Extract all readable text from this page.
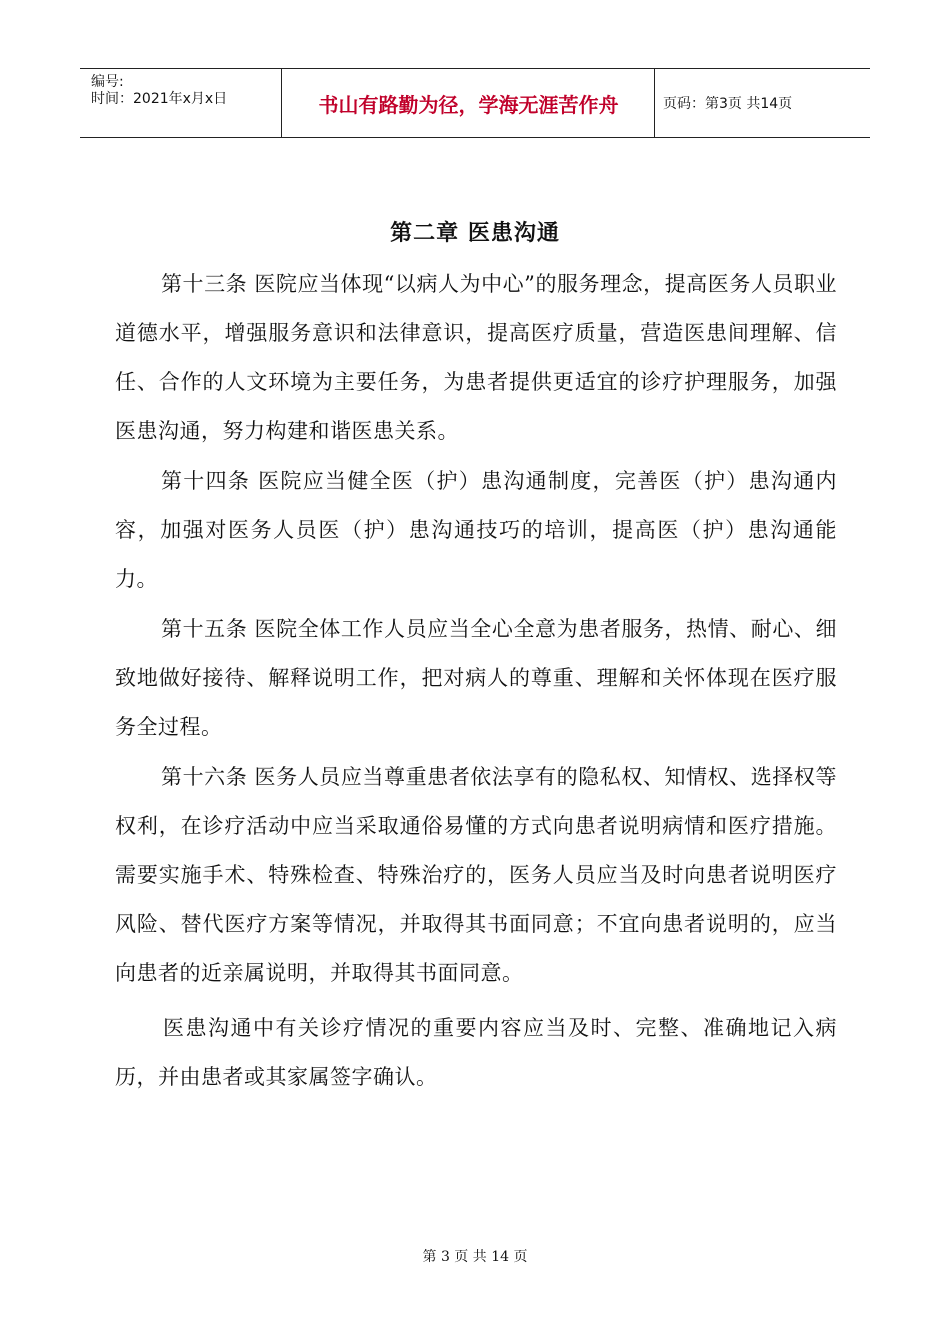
编号:
时间：2021年x月x日	书山有路勤为径，学海无涯苦作舟	页码：第3页 共14页
第二章 医患沟通

第十三条 医院应当体现“以病人为中心”的服务理念，提高医务人员职业道德水平，增强服务意识和法律意识，提高医疗质量，营造医患间理解、信任、合作的人文环境为主要任务，为患者提供更适宜的诊疗护理服务，加强医患沟通，努力构建和谐医患关系。

第十四条 医院应当健全医（护）患沟通制度，完善医（护）患沟通内容，加强对医务人员医（护）患沟通技巧的培训，提高医（护）患沟通能力。

第十五条 医院全体工作人员应当全心全意为患者服务，热情、耐心、细致地做好接待、解释说明工作，把对病人的尊重、理解和关怀体现在医疗服务全过程。

第十六条 医务人员应当尊重患者依法享有的隐私权、知情权、选择权等权利，在诊疗活动中应当采取通俗易懂的方式向患者说明病情和医疗措施。需要实施手术、特殊检查、特殊治疗的，医务人员应当及时向患者说明医疗风险、替代医疗方案等情况，并取得其书面同意；不宜向患者说明的，应当向患者的近亲属说明，并取得其书面同意。

医患沟通中有关诊疗情况的重要内容应当及时、完整、准确地记入病历，并由患者或其家属签字确认。

第 3 页 共 14 页
